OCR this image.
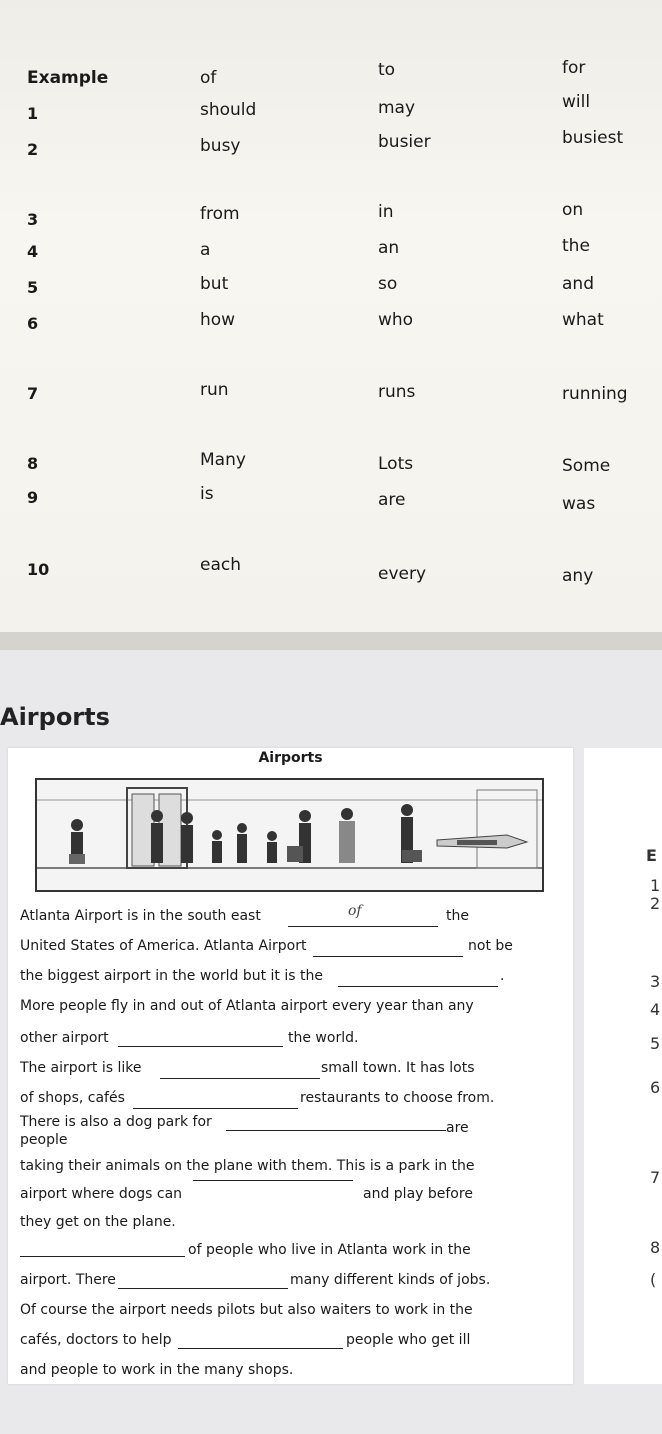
Example	of	to	for
1	should	may	will
2	busy	busier	busiest
3	from	in	on
4	a	an	the
5	but	so	and
6	how	who	what
7	run	runs	running
8	Many	Lots	Some
9	is	are	was
10	each	every	any
Airports
Airports
Atlanta Airport is in the south east	of	the
United States of America. Atlanta Airport	not be
the biggest airport in the world but it is the	.
More people fly in and out of Atlanta airport every year than any
other airport	the world.
The airport is like	small town. It has lots
of shops, cafés	restaurants to choose from.
There is also a dog park for	are
people
taking their animals on the plane with them. This is a park in the
airport where dogs can	and play before
they get on the plane.
of people who live in Atlanta work in the
airport. There	many different kinds of jobs.
Of course the airport needs pilots but also waiters to work in the
cafés, doctors to help	people who get ill
and people to work in the many shops.
E
1
2
3
4
5
6
7
8
(
